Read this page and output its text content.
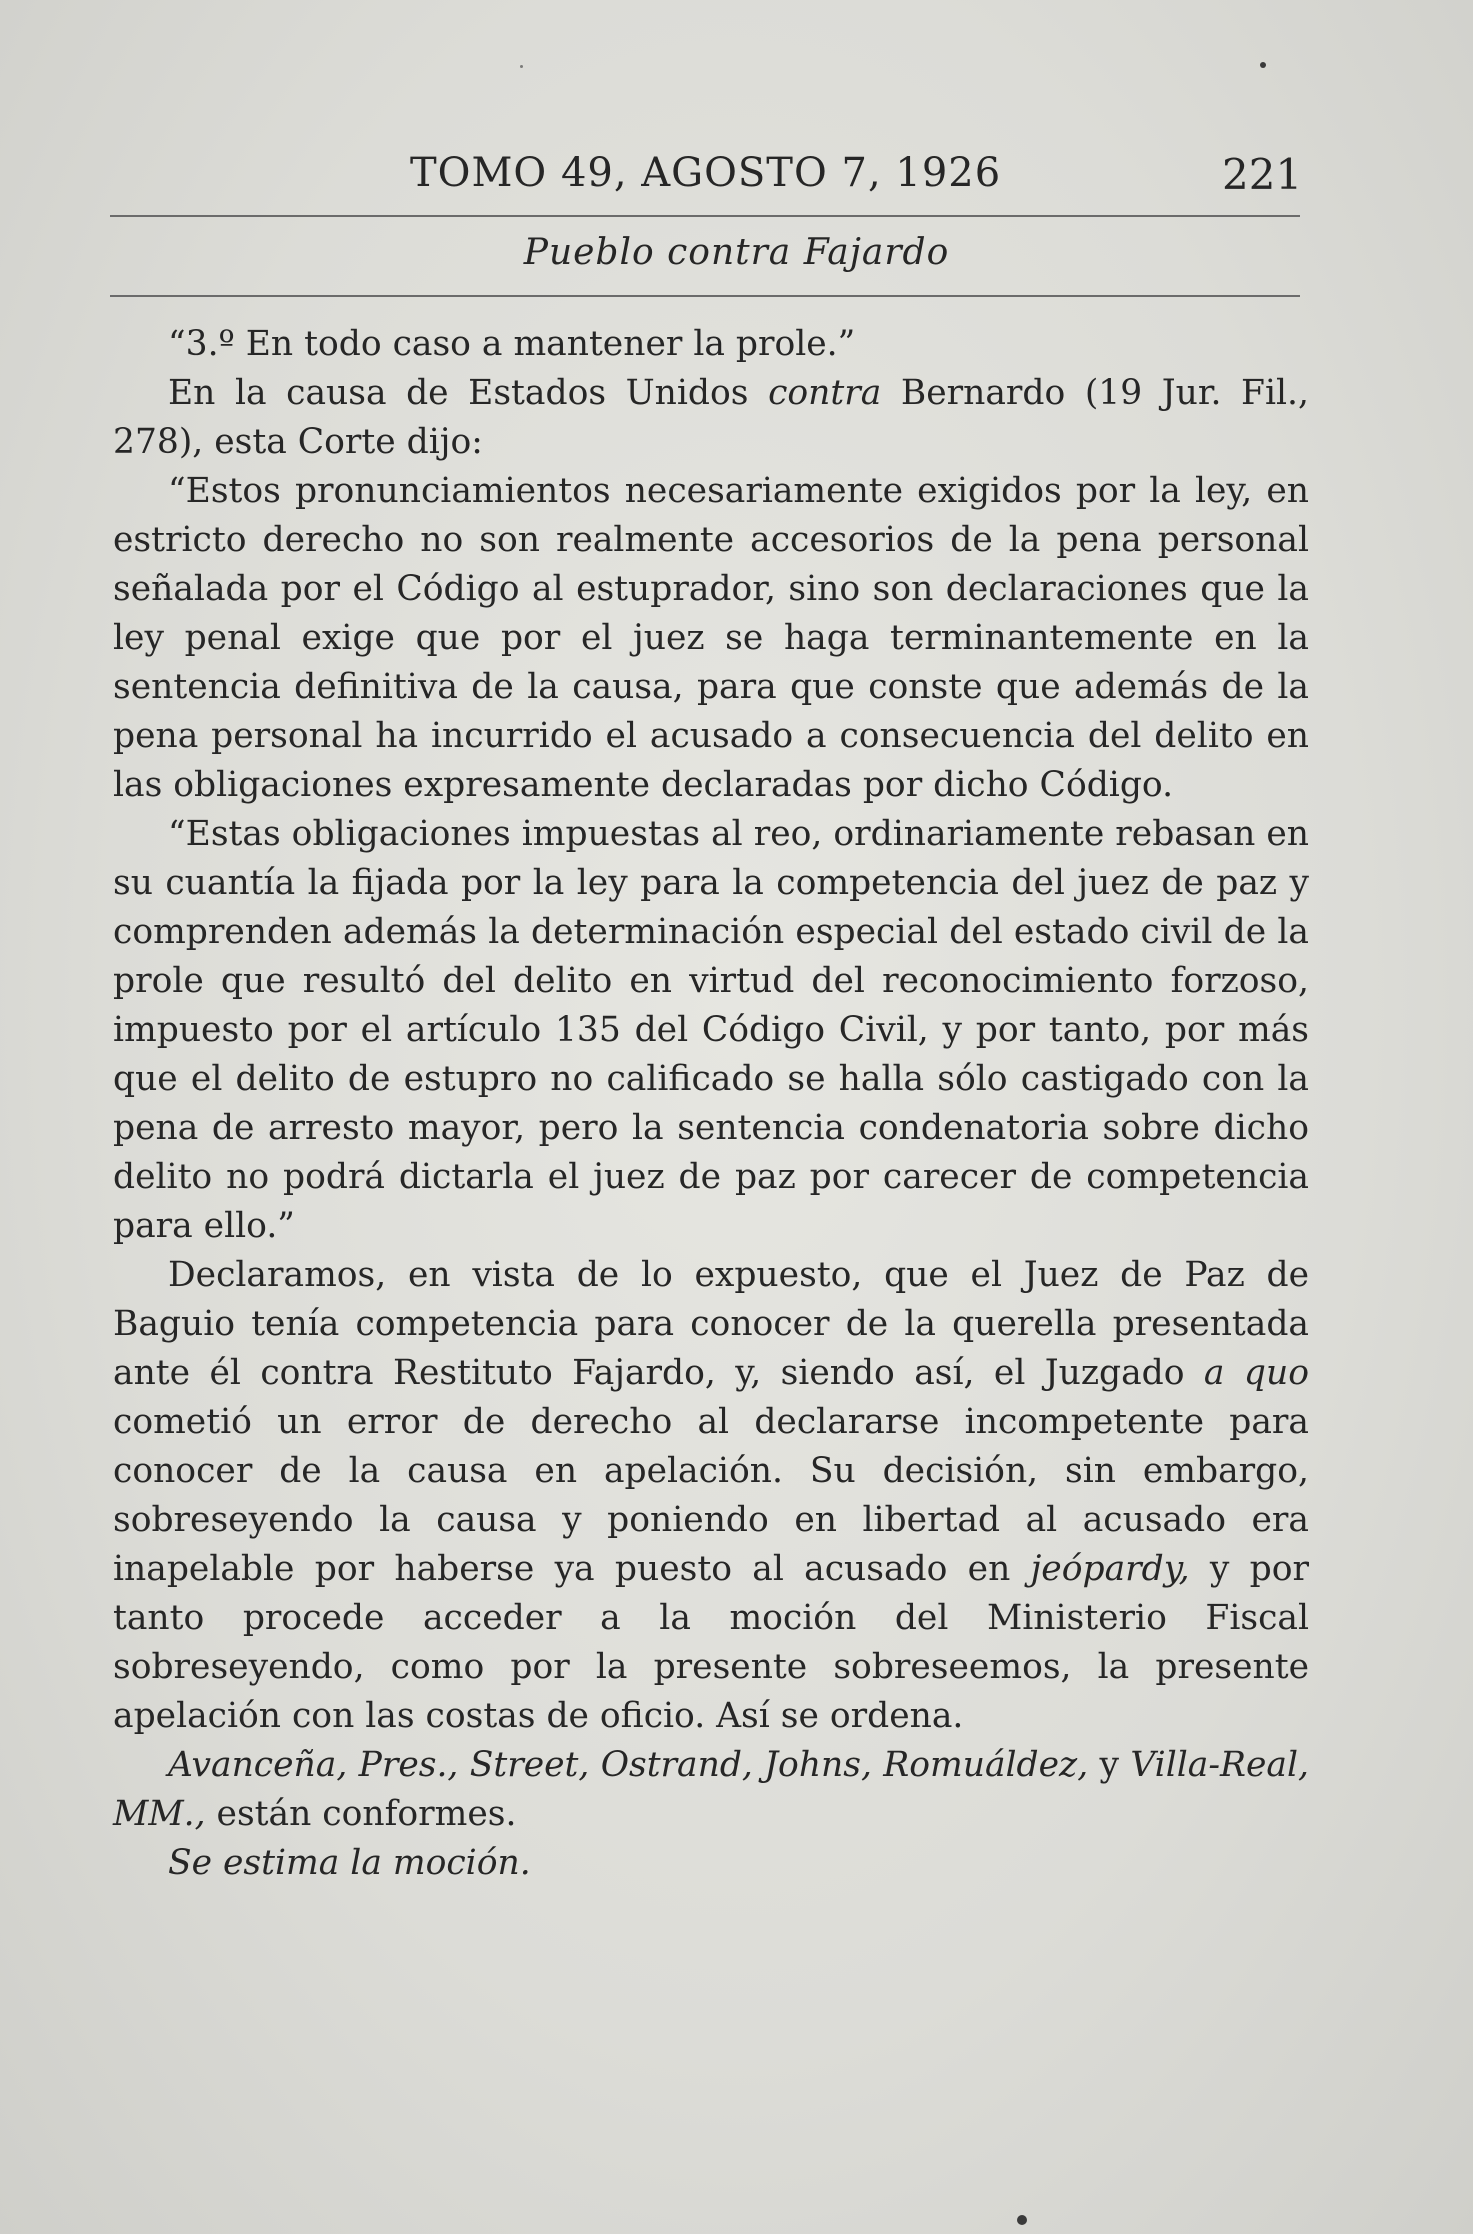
TOMO 49, AGOSTO 7, 1926	221
Pueblo contra Fajardo

“3.º En todo caso a mantener la prole.”

En la causa de Estados Unidos contra Bernardo (19 Jur. Fil., 278), esta Corte dijo:

“Estos pronunciamientos necesariamente exigidos por la ley, en estricto derecho no son realmente accesorios de la pena personal señalada por el Código al estuprador, sino son declaraciones que la ley penal exige que por el juez se haga terminantemente en la sentencia definitiva de la causa, para que conste que además de la pena personal ha incurrido el acusado a consecuencia del delito en las obligaciones expresamente declaradas por dicho Código.

“Estas obligaciones impuestas al reo, ordinariamente rebasan en su cuantía la fijada por la ley para la competencia del juez de paz y comprenden además la determinación especial del estado civil de la prole que resultó del delito en virtud del reconocimiento forzoso, impuesto por el artículo 135 del Código Civil, y por tanto, por más que el delito de estupro no calificado se halla sólo castigado con la pena de arresto mayor, pero la sentencia condenatoria sobre dicho delito no podrá dictarla el juez de paz por carecer de competencia para ello.”

Declaramos, en vista de lo expuesto, que el Juez de Paz de Baguio tenía competencia para conocer de la querella presentada ante él contra Restituto Fajardo, y, siendo así, el Juzgado a quo cometió un error de derecho al declararse incompetente para conocer de la causa en apelación. Su decisión, sin embargo, sobreseyendo la causa y poniendo en libertad al acusado era inapelable por haberse ya puesto al acusado en jeópardy, y por tanto procede acceder a la moción del Ministerio Fiscal sobreseyendo, como por la presente sobreseemos, la presente apelación con las costas de oficio. Así se ordena.

Avanceña, Pres., Street, Ostrand, Johns, Romuáldez, y Villa-Real, MM., están conformes.

Se estima la moción.
